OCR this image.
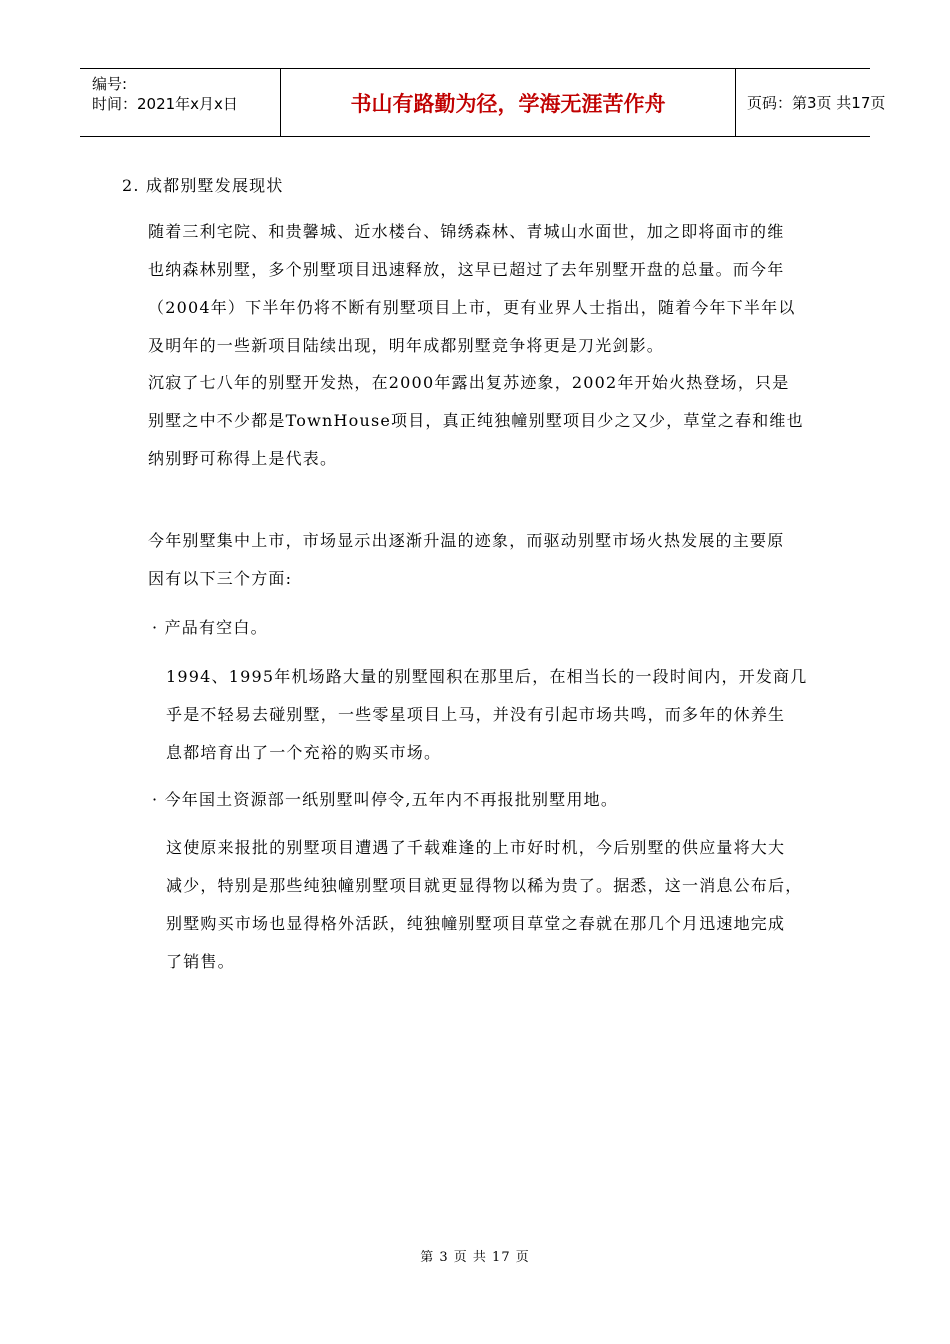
编号:
时间：2021年x月x日	书山有路勤为径，学海无涯苦作舟	页码：第3页 共17页
2. 成都别墅发展现状
随着三利宅院、和贵馨城、近水楼台、锦绣森林、青城山水面世，加之即将面市的维
也纳森林别墅，多个别墅项目迅速释放，这早已超过了去年别墅开盘的总量。而今年
（2004年）下半年仍将不断有别墅项目上市，更有业界人士指出，随着今年下半年以
及明年的一些新项目陆续出现，明年成都别墅竞争将更是刀光剑影。
沉寂了七八年的别墅开发热，在2000年露出复苏迹象，2002年开始火热登场，只是
别墅之中不少都是TownHouse项目，真正纯独幢别墅项目少之又少，草堂之春和维也
纳别野可称得上是代表。
今年别墅集中上市，市场显示出逐渐升温的迹象，而驱动别墅市场火热发展的主要原
因有以下三个方面:
· 产品有空白。
1994、1995年机场路大量的别墅囤积在那里后，在相当长的一段时间内，开发商几
乎是不轻易去碰别墅，一些零星项目上马，并没有引起市场共鸣，而多年的休养生
息都培育出了一个充裕的购买市场。
· 今年国土资源部一纸别墅叫停令,五年内不再报批别墅用地。
这使原来报批的别墅项目遭遇了千载难逢的上市好时机，今后别墅的供应量将大大
减少，特别是那些纯独幢别墅项目就更显得物以稀为贵了。据悉，这一消息公布后，
别墅购买市场也显得格外活跃，纯独幢别墅项目草堂之春就在那几个月迅速地完成
了销售。
第 3 页 共 17 页
